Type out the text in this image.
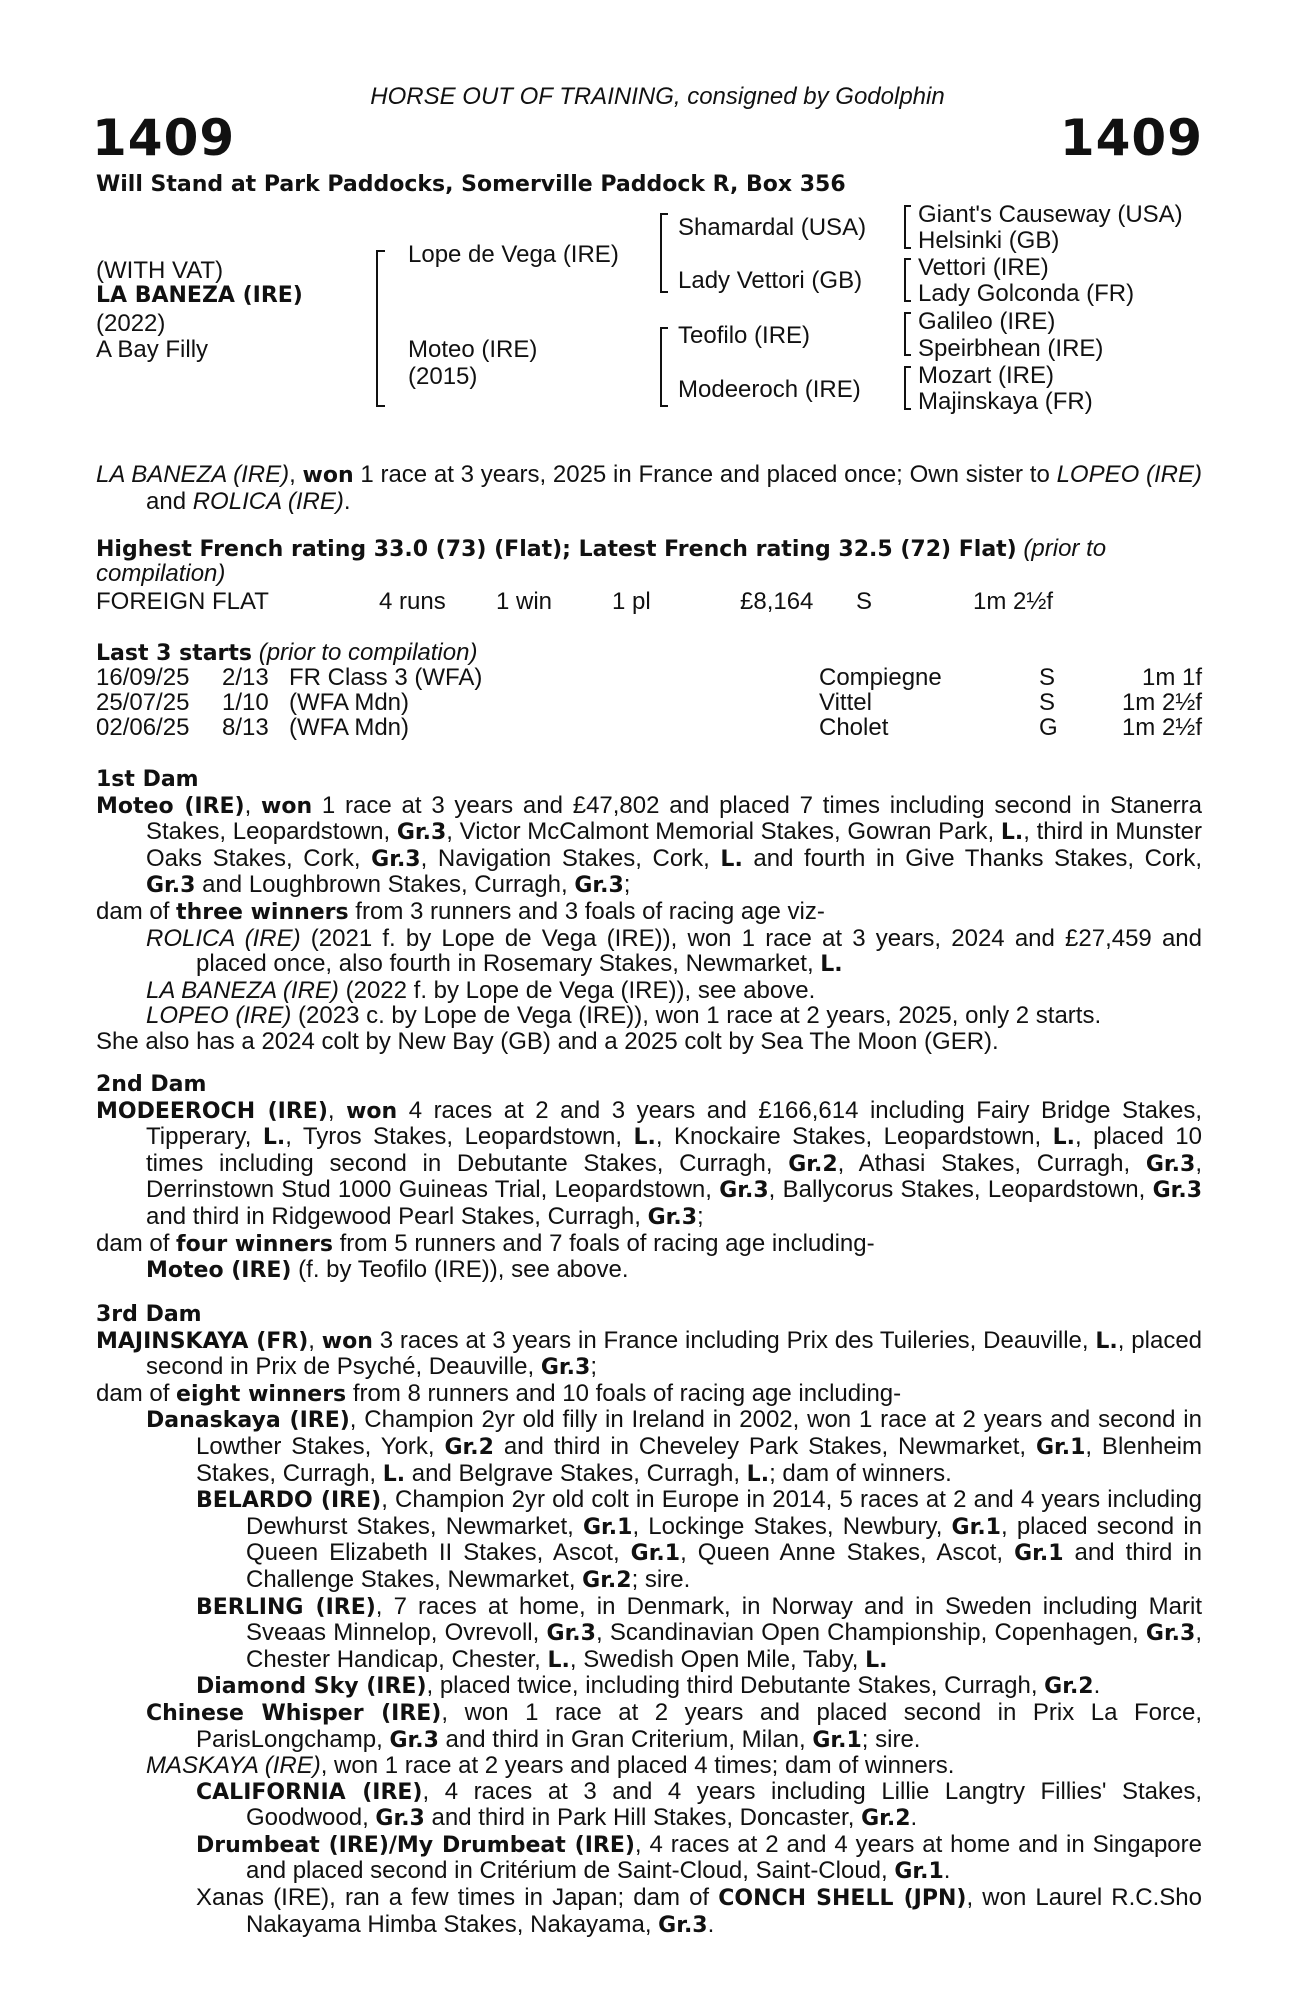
HORSE OUT OF TRAINING, consigned by Godolphin
1409	1409
Will Stand at Park Paddocks, Somerville Paddock R, Box 356
(WITH VAT)
LA BANEZA (IRE)
(2022)
A Bay Filly
Lope de Vega (IRE)
Moteo (IRE)
(2015)
Shamardal (USA)
Lady Vettori (GB)
Teofilo (IRE)
Modeeroch (IRE)
Giant's Causeway (USA)
Helsinki (GB)
Vettori (IRE)
Lady Golconda (FR)
Galileo (IRE)
Speirbhean (IRE)
Mozart (IRE)
Majinskaya (FR)

LA BANEZA (IRE), won 1 race at 3 years, 2025 in France and placed once; Own sister to LOPEO (IRE) and ROLICA (IRE).

Highest French rating 33.0 (73) (Flat); Latest French rating 32.5 (72) Flat) (prior to compilation)

FOREIGN FLAT	4 runs 1 win 1 pl	£8,164 S	1m 2½f
Last 3 starts (prior to compilation)
16/09/25 2/13 FR Class 3 (WFA)	Compiegne	S	1m 1f
25/07/25 1/10 (WFA Mdn)	Vittel	S	1m 2½f
02/06/25 8/13 (WFA Mdn)	Cholet	G	1m 2½f
1st Dam

Moteo (IRE), won 1 race at 3 years and £47,802 and placed 7 times including second in Stanerra Stakes, Leopardstown, Gr.3, Victor McCalmont Memorial Stakes, Gowran Park, L., third in Munster Oaks Stakes, Cork, Gr.3, Navigation Stakes, Cork, L. and fourth in Give Thanks Stakes, Cork, Gr.3 and Loughbrown Stakes, Curragh, Gr.3;

dam of three winners from 3 runners and 3 foals of racing age viz-

ROLICA (IRE) (2021 f. by Lope de Vega (IRE)), won 1 race at 3 years, 2024 and £27,459 and placed once, also fourth in Rosemary Stakes, Newmarket, L.

LA BANEZA (IRE) (2022 f. by Lope de Vega (IRE)), see above.

LOPEO (IRE) (2023 c. by Lope de Vega (IRE)), won 1 race at 2 years, 2025, only 2 starts.

She also has a 2024 colt by New Bay (GB) and a 2025 colt by Sea The Moon (GER).

2nd Dam

MODEEROCH (IRE), won 4 races at 2 and 3 years and £166,614 including Fairy Bridge Stakes, Tipperary, L., Tyros Stakes, Leopardstown, L., Knockaire Stakes, Leopardstown, L., placed 10 times including second in Debutante Stakes, Curragh, Gr.2, Athasi Stakes, Curragh, Gr.3, Derrinstown Stud 1000 Guineas Trial, Leopardstown, Gr.3, Ballycorus Stakes, Leopardstown, Gr.3 and third in Ridgewood Pearl Stakes, Curragh, Gr.3;

dam of four winners from 5 runners and 7 foals of racing age including-

Moteo (IRE) (f. by Teofilo (IRE)), see above.

3rd Dam

MAJINSKAYA (FR), won 3 races at 3 years in France including Prix des Tuileries, Deauville, L., placed second in Prix de Psyché, Deauville, Gr.3;

dam of eight winners from 8 runners and 10 foals of racing age including-

Danaskaya (IRE), Champion 2yr old filly in Ireland in 2002, won 1 race at 2 years and second in Lowther Stakes, York, Gr.2 and third in Cheveley Park Stakes, Newmarket, Gr.1, Blenheim Stakes, Curragh, L. and Belgrave Stakes, Curragh, L.; dam of winners.

BELARDO (IRE), Champion 2yr old colt in Europe in 2014, 5 races at 2 and 4 years including Dewhurst Stakes, Newmarket, Gr.1, Lockinge Stakes, Newbury, Gr.1, placed second in Queen Elizabeth II Stakes, Ascot, Gr.1, Queen Anne Stakes, Ascot, Gr.1 and third in Challenge Stakes, Newmarket, Gr.2; sire.

BERLING (IRE), 7 races at home, in Denmark, in Norway and in Sweden including Marit Sveaas Minnelop, Ovrevoll, Gr.3, Scandinavian Open Championship, Copenhagen, Gr.3, Chester Handicap, Chester, L., Swedish Open Mile, Taby, L.

Diamond Sky (IRE), placed twice, including third Debutante Stakes, Curragh, Gr.2.

Chinese Whisper (IRE), won 1 race at 2 years and placed second in Prix La Force, ParisLongchamp, Gr.3 and third in Gran Criterium, Milan, Gr.1; sire.

MASKAYA (IRE), won 1 race at 2 years and placed 4 times; dam of winners.

CALIFORNIA (IRE), 4 races at 3 and 4 years including Lillie Langtry Fillies' Stakes, Goodwood, Gr.3 and third in Park Hill Stakes, Doncaster, Gr.2.

Drumbeat (IRE)/My Drumbeat (IRE), 4 races at 2 and 4 years at home and in Singapore and placed second in Critérium de Saint-Cloud, Saint-Cloud, Gr.1.

Xanas (IRE), ran a few times in Japan; dam of CONCH SHELL (JPN), won Laurel R.C.Sho Nakayama Himba Stakes, Nakayama, Gr.3.
